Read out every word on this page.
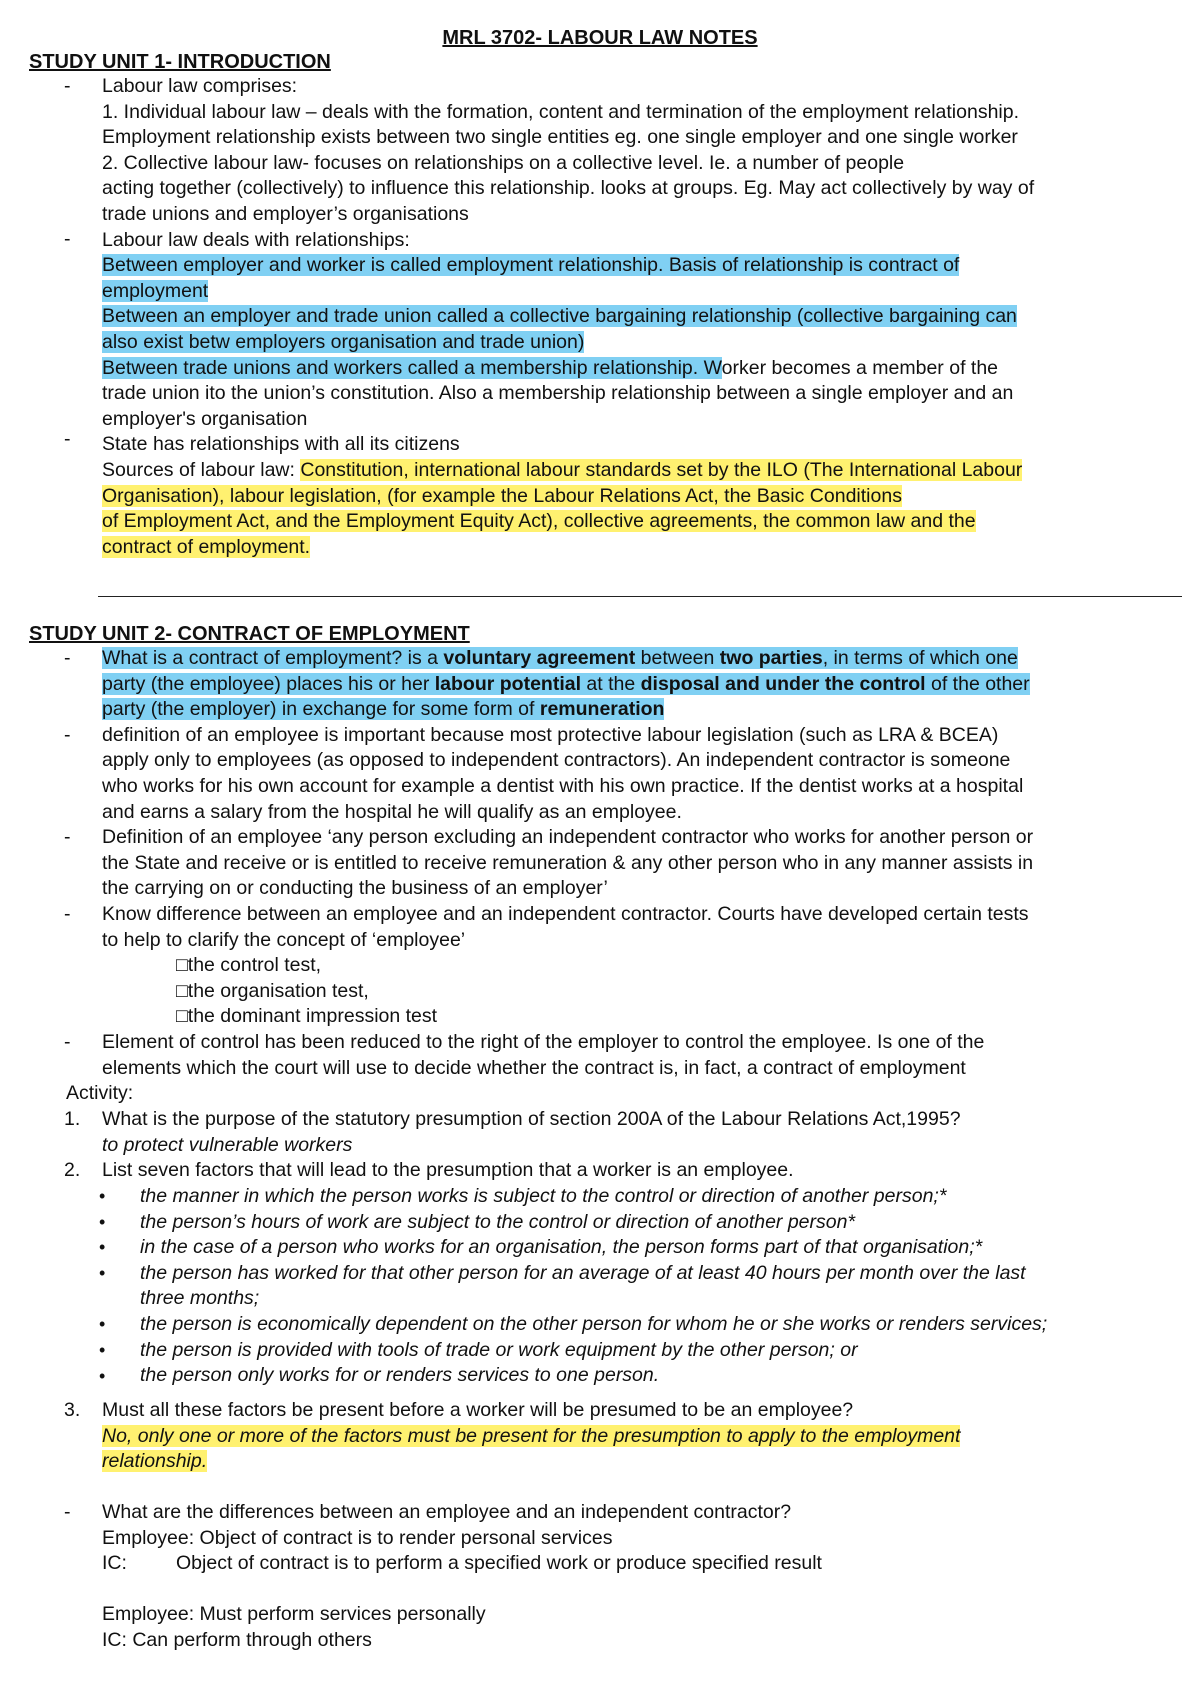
MRL 3702- LABOUR LAW NOTES
STUDY UNIT 1- INTRODUCTION
-
-
-
Labour law comprises:
1. Individual labour law – deals with the formation, content and termination of the employment relationship.
Employment relationship exists between two single entities eg. one single employer and one single worker
2. Collective labour law- focuses on relationships on a collective level. Ie. a number of people
acting together (collectively) to influence this relationship. looks at groups. Eg. May act collectively by way of
trade unions and employer’s organisations
Labour law deals with relationships:
Between employer and worker is called employment relationship. Basis of relationship is contract of
employment
Between an employer and trade union called a collective bargaining relationship (collective bargaining can
also exist betw employers organisation and trade union)
Between trade unions and workers called a membership relationship. Worker becomes a member of the
trade union ito the union’s constitution. Also a membership relationship between a single employer and an
employer's organisation
State has relationships with all its citizens
Sources of labour law: Constitution, international labour standards set by the ILO (The International Labour
Organisation), labour legislation, (for example the Labour Relations Act, the Basic Conditions
of Employment Act, and the Employment Equity Act), collective agreements, the common law and the
contract of employment.
STUDY UNIT 2- CONTRACT OF EMPLOYMENT
-
-
-
-
-
What is a contract of employment? is a voluntary agreement between two parties, in terms of which one
party (the employee) places his or her labour potential at the disposal and under the control of the other
party (the employer) in exchange for some form of remuneration
definition of an employee is important because most protective labour legislation (such as LRA & BCEA)
apply only to employees (as opposed to independent contractors). An independent contractor is someone
who works for his own account for example a dentist with his own practice. If the dentist works at a hospital
and earns a salary from the hospital he will qualify as an employee.
Definition of an employee ‘any person excluding an independent contractor who works for another person or
the State and receive or is entitled to receive remuneration & any other person who in any manner assists in
the carrying on or conducting the business of an employer’
Know difference between an employee and an independent contractor. Courts have developed certain tests
to help to clarify the concept of ‘employee’
□the control test,
□the organisation test,
□the dominant impression test
Element of control has been reduced to the right of the employer to control the employee. Is one of the
elements which the court will use to decide whether the contract is, in fact, a contract of employment
Activity:
1.
2.
3.
What is the purpose of the statutory presumption of section 200A of the Labour Relations Act,1995?
to protect vulnerable workers
List seven factors that will lead to the presumption that a worker is an employee.
•
•
•
•
•
•
•
the manner in which the person works is subject to the control or direction of another person;*
the person’s hours of work are subject to the control or direction of another person*
in the case of a person who works for an organisation, the person forms part of that organisation;*
the person has worked for that other person for an average of at least 40 hours per month over the last
three months;
the person is economically dependent on the other person for whom he or she works or renders services;
the person is provided with tools of trade or work equipment by the other person; or
the person only works for or renders services to one person.
Must all these factors be present before a worker will be presumed to be an employee?
No, only one or more of the factors must be present for the presumption to apply to the employment
relationship.
- What are the differences between an employee and an independent contractor?
Employee: Object of contract is to render personal services
IC:	Object of contract is to perform a specified work or produce specified result
Employee: Must perform services personally
IC: Can perform through others
